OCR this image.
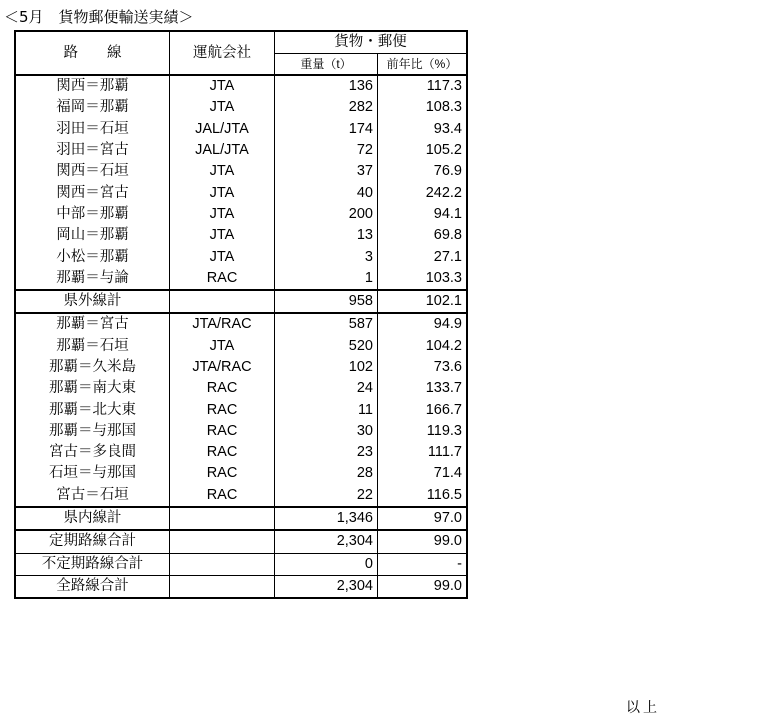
＜5月　貨物郵便輸送実績＞
路　　線	運航会社	貨物・郵便	
		重量（t）	前年比（%）
関西＝那覇	JTA	136	117.3
福岡＝那覇	JTA	282	108.3
羽田＝石垣	JAL/JTA	174	93.4
羽田＝宮古	JAL/JTA	72	105.2
関西＝石垣	JTA	37	76.9
関西＝宮古	JTA	40	242.2
中部＝那覇	JTA	200	94.1
岡山＝那覇	JTA	13	69.8
小松＝那覇	JTA	3	27.1
那覇＝与論	RAC	1	103.3
県外線計		958	102.1
那覇＝宮古	JTA/RAC	587	94.9
那覇＝石垣	JTA	520	104.2
那覇＝久米島	JTA/RAC	102	73.6
那覇＝南大東	RAC	24	133.7
那覇＝北大東	RAC	11	166.7
那覇＝与那国	RAC	30	119.3
宮古＝多良間	RAC	23	111.7
石垣＝与那国	RAC	28	71.4
宮古＝石垣	RAC	22	116.5
県内線計		1,346	97.0
定期路線合計		2,304	99.0
不定期路線合計		0	-
全路線合計		2,304	99.0
以上
